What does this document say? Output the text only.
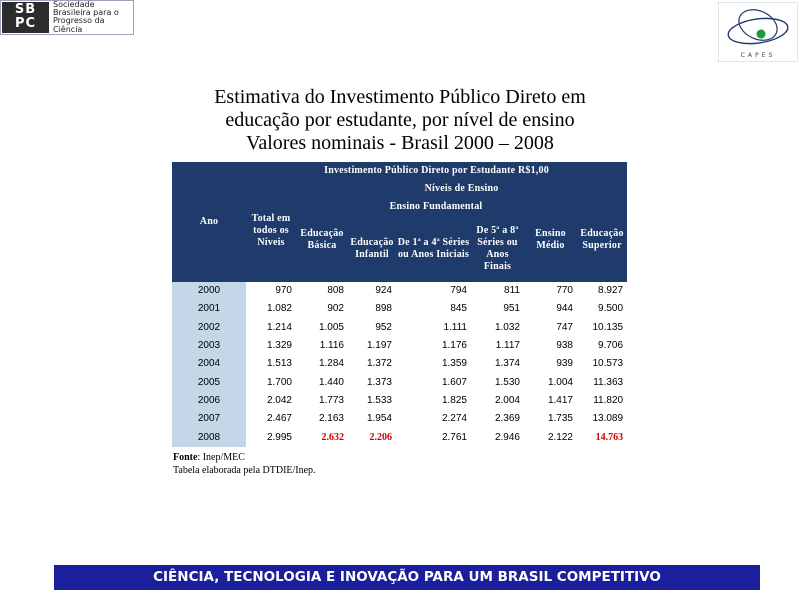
SB
PC
Sociedade
Brasileira para o
Progresso da
Ciência
CAPES
Estimativa do Investimento Público Direto em
educação por estudante, por nível de ensino
Valores nominais - Brasil 2000 – 2008
Ano	Investimento Público Direto por Estudante R$1,00						
	Total em todos os Níveis	Níveis de Ensino					
		Educação Básica	Ensino Fundamental			Ensino Médio	Educação Superior
			Educação Infantil	De 1ª a 4ª Séries ou Anos Iniciais	De 5ª a 8ª Séries ou Anos Finais		
2000	970	808	924	794	811	770	8.927
2001	1.082	902	898	845	951	944	9.500
2002	1.214	1.005	952	1.111	1.032	747	10.135
2003	1.329	1.116	1.197	1.176	1.117	938	9.706
2004	1.513	1.284	1.372	1.359	1.374	939	10.573
2005	1.700	1.440	1.373	1.607	1.530	1.004	11.363
2006	2.042	1.773	1.533	1.825	2.004	1.417	11.820
2007	2.467	2.163	1.954	2.274	2.369	1.735	13.089
2008	2.995	2.632	2.206	2.761	2.946	2.122	14.763
Fonte: Inep/MEC
Tabela elaborada pela DTDIE/Inep.
CIÊNCIA, TECNOLOGIA E INOVAÇÃO PARA UM BRASIL COMPETITIVO
